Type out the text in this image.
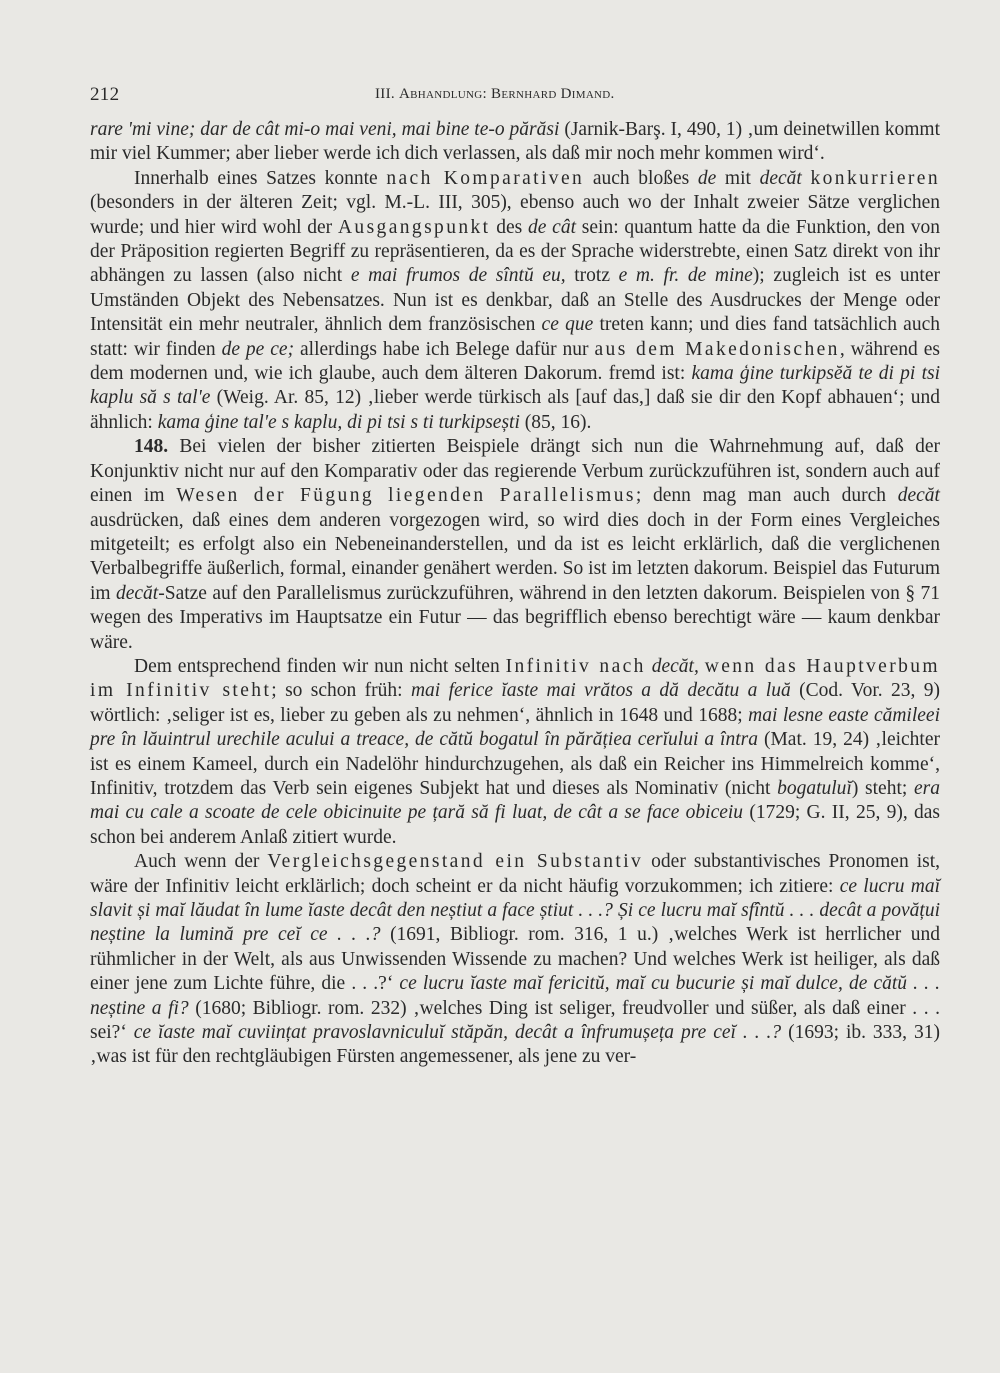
212	III. Abhandlung: Bernhard Dimand.

rare 'mi vine; dar de cât mi-o mai veni, mai bine te-o părăsi (Jarnik-Barş. I, 490, 1) ‚um deinetwillen kommt mir viel Kummer; aber lieber werde ich dich verlassen, als daß mir noch mehr kommen wird‘.

Innerhalb eines Satzes konnte nach Komparativen auch bloßes de mit decăt konkurrieren (besonders in der älteren Zeit; vgl. M.-L. III, 305), ebenso auch wo der Inhalt zweier Sätze verglichen wurde; und hier wird wohl der Ausgangspunkt des de cât sein: quantum hatte da die Funktion, den von der Präposition regierten Begriff zu repräsentieren, da es der Sprache widerstrebte, einen Satz direkt von ihr abhängen zu lassen (also nicht e mai frumos de sîntŭ eu, trotz e m. fr. de mine); zugleich ist es unter Umständen Objekt des Nebensatzes. Nun ist es denkbar, daß an Stelle des Ausdruckes der Menge oder Intensität ein mehr neutraler, ähnlich dem französischen ce que treten kann; und dies fand tatsächlich auch statt: wir finden de pe ce; allerdings habe ich Belege dafür nur aus dem Makedonischen, während es dem modernen und, wie ich glaube, auch dem älteren Dakorum. fremd ist: kama ģine turkipsĕă te di pi tsi kaplu să s tal'e (Weig. Ar. 85, 12) ‚lieber werde türkisch als [auf das,] daß sie dir den Kopf abhauen‘; und ähnlich: kama ģine tal'e s kaplu, di pi tsi s ti turkipsești (85, 16).

148. Bei vielen der bisher zitierten Beispiele drängt sich nun die Wahrnehmung auf, daß der Konjunktiv nicht nur auf den Komparativ oder das regierende Verbum zurückzuführen ist, sondern auch auf einen im Wesen der Fügung liegenden Parallelismus; denn mag man auch durch decăt ausdrücken, daß eines dem anderen vorgezogen wird, so wird dies doch in der Form eines Vergleiches mitgeteilt; es erfolgt also ein Nebeneinanderstellen, und da ist es leicht erklärlich, daß die verglichenen Verbalbegriffe äußerlich, formal, einander genähert werden. So ist im letzten dakorum. Beispiel das Futurum im decăt-Satze auf den Parallelismus zurückzuführen, während in den letzten dakorum. Beispielen von § 71 wegen des Imperativs im Hauptsatze ein Futur — das begrifflich ebenso berechtigt wäre — kaum denkbar wäre.

Dem entsprechend finden wir nun nicht selten Infinitiv nach decăt, wenn das Hauptverbum im Infinitiv steht; so schon früh: mai ferice ĭaste mai vrătos a dă decătu a luă (Cod. Vor. 23, 9) wörtlich: ‚seliger ist es, lieber zu geben als zu nehmen‘, ähnlich in 1648 und 1688; mai lesne easte cămileei pre în lăuintrul urechile acului a treace, de cătŭ bogatul în părățiea cerĭului a întra (Mat. 19, 24) ‚leichter ist es einem Kameel, durch ein Nadelöhr hindurchzugehen, als daß ein Reicher ins Himmelreich komme‘, Infinitiv, trotzdem das Verb sein eigenes Subjekt hat und dieses als Nominativ (nicht bogatuluĭ) steht; era mai cu cale a scoate de cele obicinuite pe țară să fi luat, de cât a se face obiceiu (1729; G. II, 25, 9), das schon bei anderem Anlaß zitiert wurde.

Auch wenn der Vergleichsgegenstand ein Substantiv oder substantivisches Pronomen ist, wäre der Infinitiv leicht erklärlich; doch scheint er da nicht häufig vorzukommen; ich zitiere: ce lucru maĭ slavit și maĭ lăudat în lume ĭaste decât den neștiut a face știut . . .? Și ce lucru maĭ sfîntŭ . . . decât a povățui neștine la lumină pre ceĭ ce . . .? (1691, Bibliogr. rom. 316, 1 u.) ‚welches Werk ist herrlicher und rühmlicher in der Welt, als aus Unwissenden Wissende zu machen? Und welches Werk ist heiliger, als daß einer jene zum Lichte führe, die . . .?‘ ce lucru ĭaste maĭ fericitŭ, maĭ cu bucurie și maĭ dulce, de cătŭ . . . neștine a fi? (1680; Bibliogr. rom. 232) ‚welches Ding ist seliger, freudvoller und süßer, als daß einer . . . sei?‘ ce ĭaste maĭ cuviințat pravoslavniculuĭ stăpăn, decât a înfrumușeța pre ceĭ . . .? (1693; ib. 333, 31) ‚was ist für den rechtgläubigen Fürsten angemessener, als jene zu ver-
